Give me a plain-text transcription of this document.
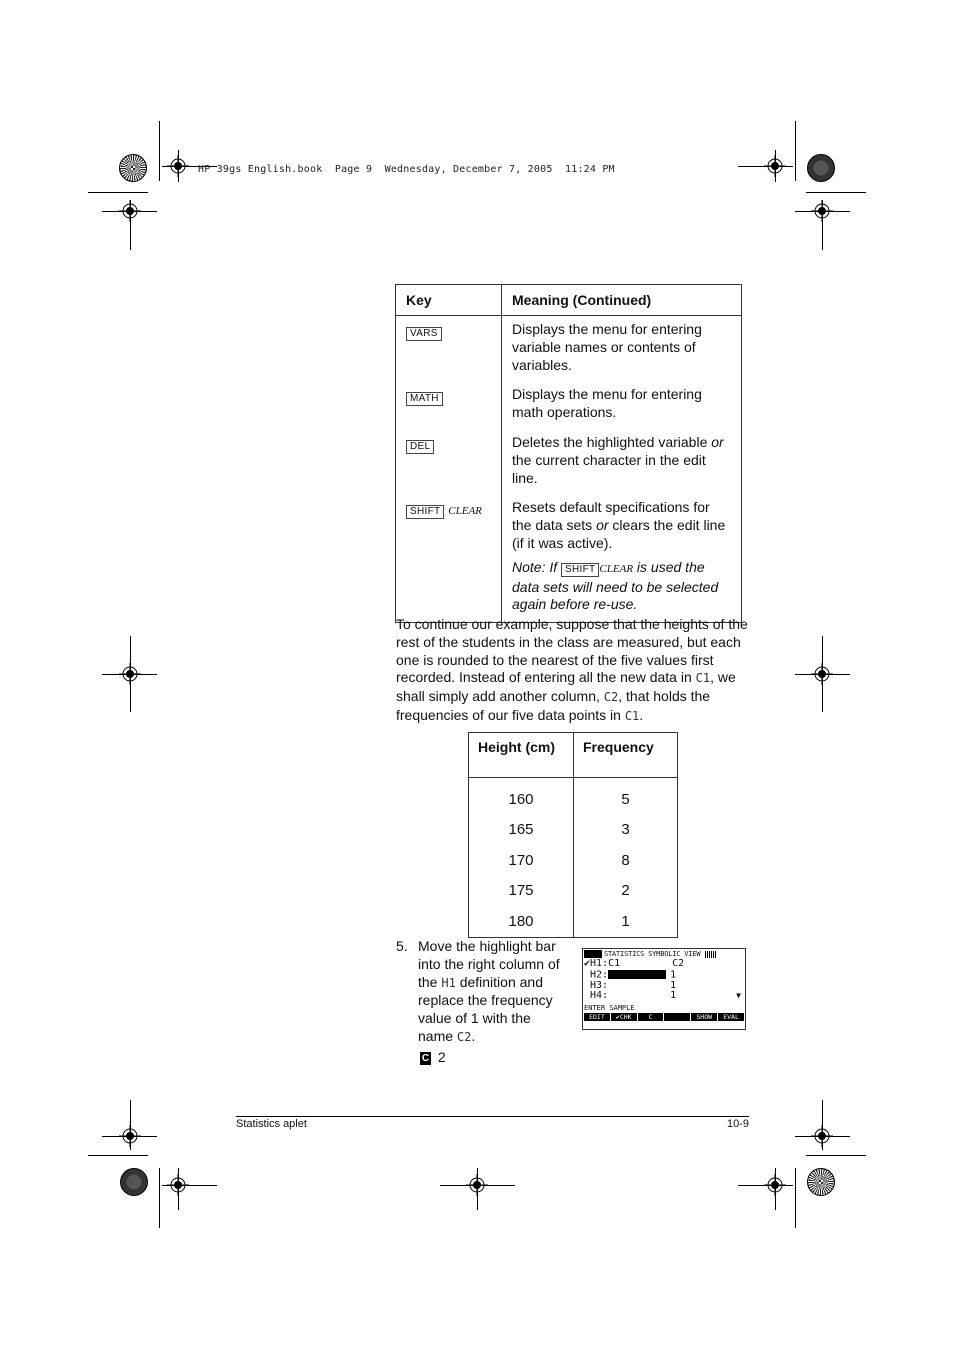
HP 39gs English.book  Page 9  Wednesday, December 7, 2005  11:24 PM
Key	Meaning (Continued)
VARS	Displays the menu for entering variable names or contents of variables.
MATH	Displays the menu for entering math operations.
DEL	Deletes the highlighted variable or the current character in the edit line.
SHIFT CLEAR	Resets default specifications for the data sets or clears the edit line (if it was active).
	Note: If SHIFT CLEAR is used the data sets will need to be selected again before re-use.
To continue our example, suppose that the heights of the rest of the students in the class are measured, but each one is rounded to the nearest of the five values first recorded. Instead of entering all the new data in C1, we shall simply add another column, C2, that holds the frequencies of our five data points in C1.
Height (cm)	Frequency
160	5
165	3
170	8
175	2
180	1
5. Move the highlight bar into the right column of the H1 definition and replace the frequency value of 1 with the name C2.
C 2
STATISTICS SYMBOLIC VIEW
✔H1:C1	C2
H2:	1
H3:	1
H4:	1	▼
ENTER SAMPLE
EDIT	✔CHK	C	SHOW	EVAL
Statistics aplet	10-9
